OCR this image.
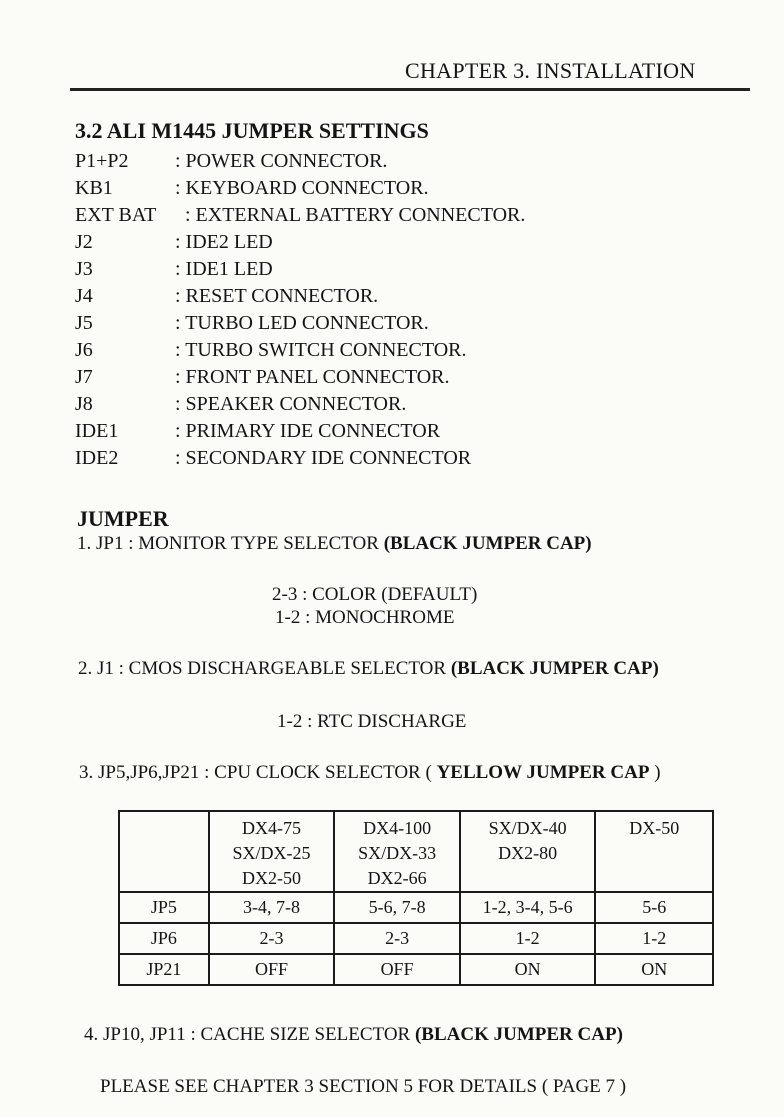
CHAPTER 3. INSTALLATION
3.2 ALI M1445 JUMPER SETTINGS
P1+P2 : POWER CONNECTOR.
KB1	: KEYBOARD CONNECTOR.
EXT BAT : EXTERNAL BATTERY CONNECTOR.
J2	: IDE2 LED
J3	: IDE1 LED
J4	: RESET CONNECTOR.
J5	: TURBO LED CONNECTOR.
J6	: TURBO SWITCH CONNECTOR.
J7	: FRONT PANEL CONNECTOR.
J8	: SPEAKER CONNECTOR.
IDE1	: PRIMARY IDE CONNECTOR
IDE2	: SECONDARY IDE CONNECTOR
JUMPER
1. JP1 : MONITOR TYPE SELECTOR (BLACK JUMPER CAP)
2-3 : COLOR (DEFAULT)
1-2 : MONOCHROME
2. J1 : CMOS DISCHARGEABLE SELECTOR (BLACK JUMPER CAP)
1-2 : RTC DISCHARGE
3. JP5,JP6,JP21 : CPU CLOCK SELECTOR ( YELLOW JUMPER CAP )

	DX4-75
SX/DX-25
DX2-50	DX4-100
SX/DX-33
DX2-66	SX/DX-40
DX2-80	DX-50

JP5	3-4, 7-8	5-6, 7-8	1-2, 3-4, 5-6	5-6
JP6	2-3	2-3	1-2	1-2
JP21	OFF	OFF	ON	ON
4. JP10, JP11 : CACHE SIZE SELECTOR (BLACK JUMPER CAP)
PLEASE SEE CHAPTER 3 SECTION 5 FOR DETAILS ( PAGE 7 )
